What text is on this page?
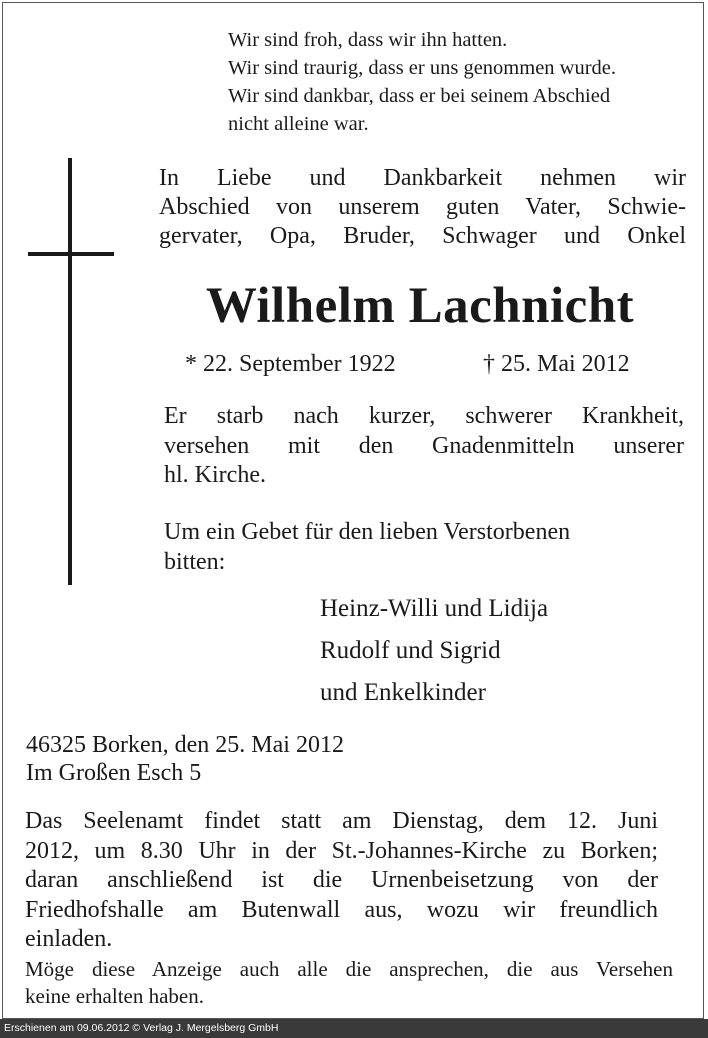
Wir sind froh, dass wir ihn hatten.
Wir sind traurig, dass er uns genommen wurde.
Wir sind dankbar, dass er bei seinem Abschied
nicht alleine war.
In Liebe und Dankbarkeit nehmen wir
Abschied von unserem guten Vater, Schwie-
gervater, Opa, Bruder, Schwager und Onkel
Wilhelm Lachnicht
* 22. September 1922	† 25. Mai 2012
Er starb nach kurzer, schwerer Krankheit,
versehen mit den Gnadenmitteln unserer
hl. Kirche.
Um ein Gebet für den lieben Verstorbenen
bitten:
Heinz-Willi und Lidija
Rudolf und Sigrid
und Enkelkinder
46325 Borken, den 25. Mai 2012
Im Großen Esch 5
Das Seelenamt findet statt am Dienstag, dem 12. Juni
2012, um 8.30 Uhr in der St.-Johannes-Kirche zu Borken;
daran anschließend ist die Urnenbeisetzung von der
Friedhofshalle am Butenwall aus, wozu wir freundlich
einladen.
Möge diese Anzeige auch alle die ansprechen, die aus Versehen
keine erhalten haben.
Erschienen am 09.06.2012 © Verlag J. Mergelsberg GmbH
